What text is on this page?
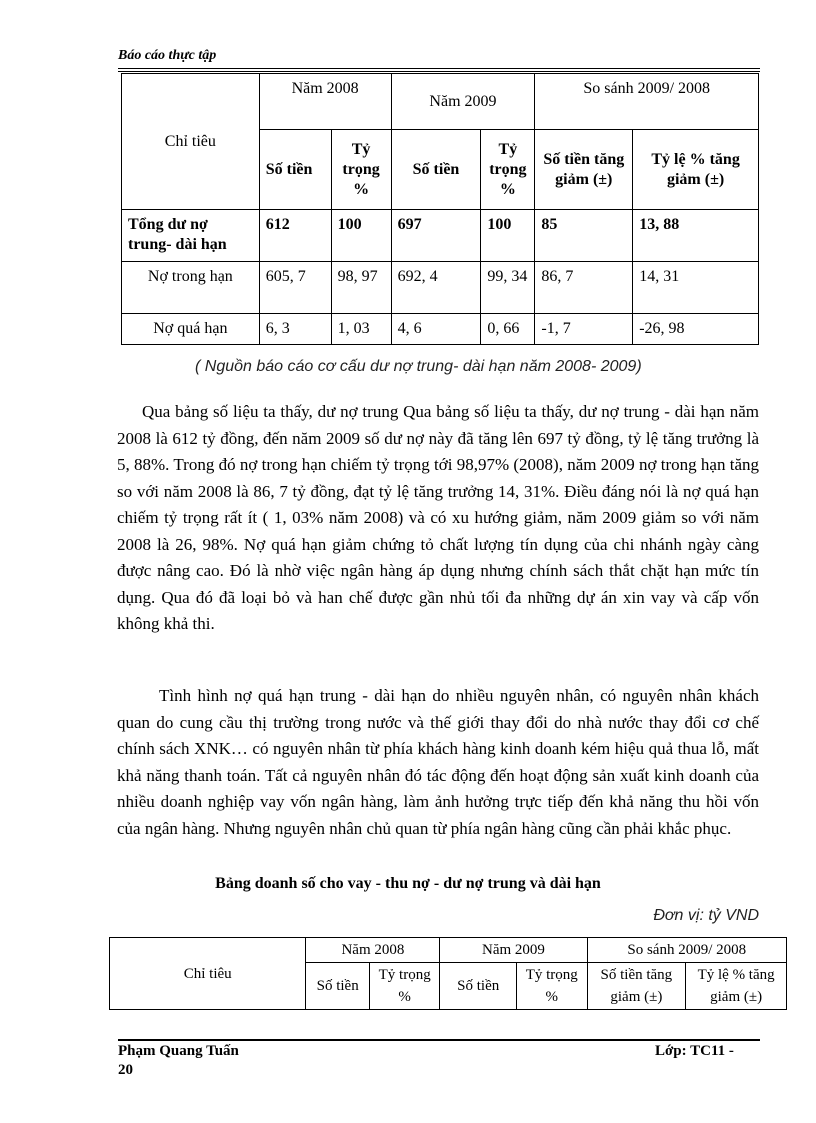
Báo cáo thực tập
Chỉ tiêu	Năm 2008		Năm 2009		So sánh 2009/ 2008	
	Số tiền	Tỷ trọng %	Số tiền	Tỷ trọng %	Số tiền tăng giảm (±)	Tỷ lệ % tăng giảm (±)
Tổng dư nợ trung- dài hạn	612	100	697	100	85	13, 88
Nợ trong hạn	605, 7	98, 97	692, 4	99, 34	86, 7	14, 31
Nợ quá hạn	6, 3	1, 03	4, 6	0, 66	-1, 7	-26, 98
( Nguồn báo cáo cơ cấu dư nợ trung- dài hạn năm 2008- 2009)

Qua bảng số liệu ta thấy, dư nợ trung Qua bảng số liệu ta thấy, dư nợ trung - dài hạn năm 2008 là 612 tỷ đồng, đến năm 2009 số dư nợ này đã tăng lên 697 tỷ đồng, tỷ lệ tăng trưởng là 5, 88%. Trong đó nợ trong hạn chiếm tỷ trọng tới 98,97% (2008), năm 2009 nợ trong hạn tăng so với năm 2008 là 86, 7 tỷ đồng, đạt tỷ lệ tăng trưởng 14, 31%. Điều đáng nói là nợ quá hạn chiếm tỷ trọng rất ít ( 1, 03% năm 2008) và có xu hướng giảm, năm 2009 giảm so với năm 2008 là 26, 98%. Nợ quá hạn giảm chứng tỏ chất lượng tín dụng của chi nhánh ngày càng được nâng cao. Đó là nhờ việc ngân hàng áp dụng nhưng chính sách thắt chặt hạn mức tín dụng. Qua đó đã loại bỏ và han chế được gần nhủ tối đa những dự án xin vay và cấp vốn không khả thi.

Tình hình nợ quá hạn trung - dài hạn do nhiều nguyên nhân, có nguyên nhân khách quan do cung cầu thị trường trong nước và thế giới thay đổi do nhà nước thay đổi cơ chế chính sách XNK… có nguyên nhân từ phía khách hàng kinh doanh kém hiệu quả thua lỗ, mất khả năng thanh toán. Tất cả nguyên nhân đó tác động đến hoạt động sản xuất kinh doanh của nhiều doanh nghiệp vay vốn ngân hàng, làm ảnh hưởng trực tiếp đến khả năng thu hồi vốn của ngân hàng. Nhưng nguyên nhân chủ quan từ phía ngân hàng cũng cần phải khắc phục.

Bảng doanh số cho vay - thu nợ - dư nợ trung và dài hạn
Đơn vị: tỷ VND
Chỉ tiêu	Năm 2008		Năm 2009		So sánh 2009/ 2008	
	Số tiền	Tỷ trọng %	Số tiền	Tỷ trọng %	Số tiền tăng giảm (±)	Tỷ lệ % tăng giảm (±)
Phạm Quang Tuấn	Lớp: TC11 -
20
